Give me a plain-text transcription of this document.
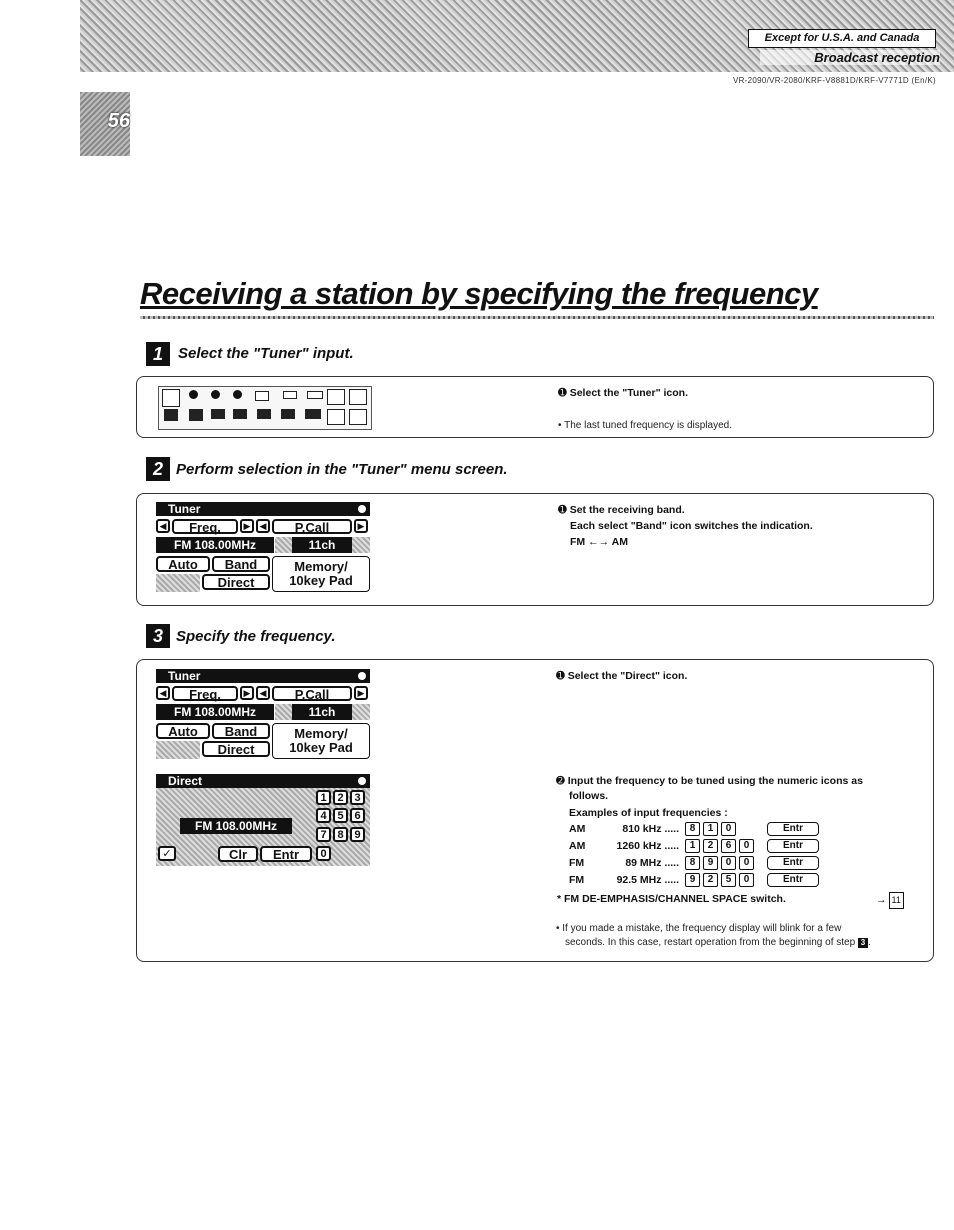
Except for U.S.A. and Canada
Broadcast reception
VR-2090/VR-2080/KRF-V8881D/KRF-V7771D (En/K)
56
Receiving a station by specifying the frequency
1	Select the "Tuner" input.
➊ Select the "Tuner" icon.
• The last tuned frequency is displayed.
2 Perform selection in the "Tuner" menu screen.
Tuner
◀	Freq.	▶	◀	P.Call	▶
FM 108.00MHz	11ch
Auto	Band
Direct
Memory/
10key Pad
➊ Set the receiving band.
Each select "Band" icon switches the indication.
FM ←→ AM
3 Specify the frequency.
Tuner
◀	Freq.	▶	◀	P.Call	▶
FM 108.00MHz	11ch
Auto	Band
Direct
Memory/
10key Pad
➊ Select the "Direct" icon.
Direct
FM 108.00MHz
1 2 3
4 5 6
7 8 9
0
✓	Clr	Entr
➋ Input the frequency to be tuned using the numeric icons as
follows.
Examples of input frequencies :
AM	810 kHz ..... 8 1 0	Entr
AM	1260 kHz ..... 1 2 6 0	Entr
FM	89 MHz ..... 8 9 0 0	Entr
FM	92.5 MHz ..... 9 2 5 0	Entr
* FM DE-EMPHASIS/CHANNEL SPACE switch.	→ 11
• If you made a mistake, the frequency display will blink for a few
seconds. In this case, restart operation from the beginning of step 3 .
